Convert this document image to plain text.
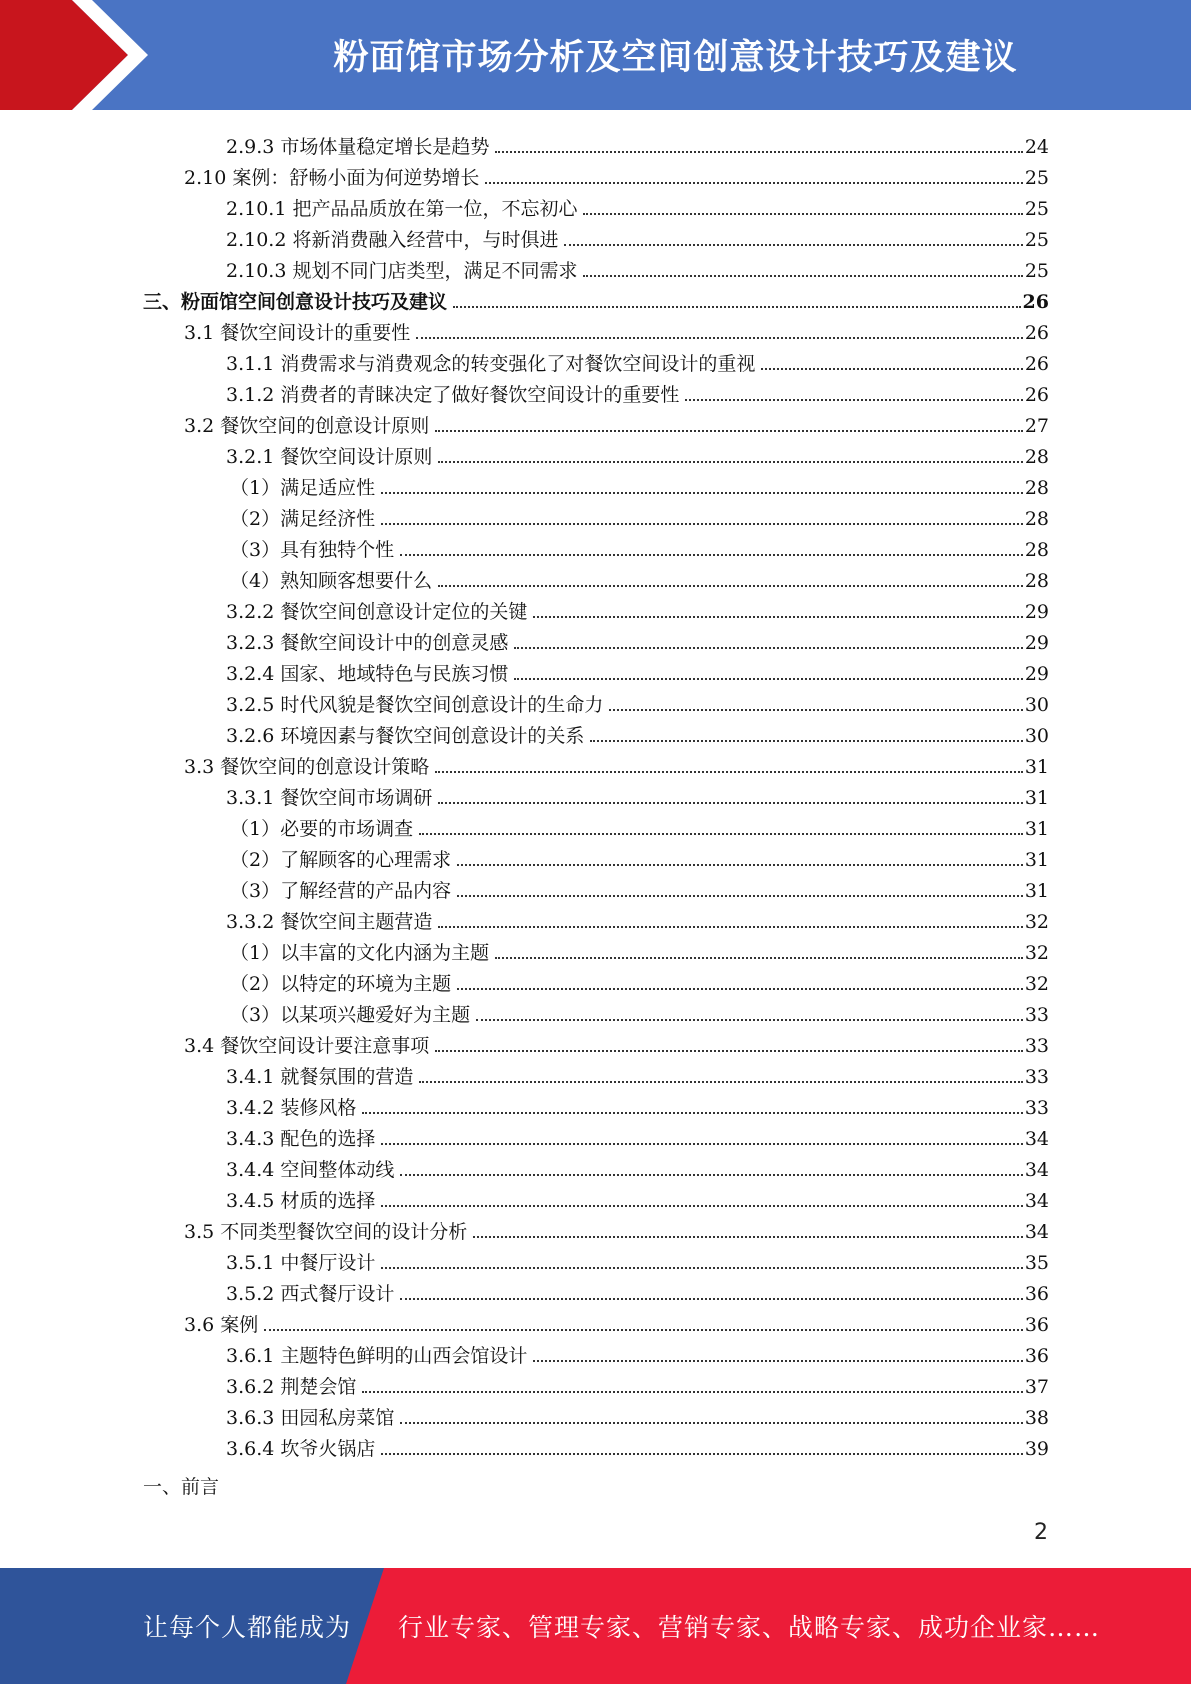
粉面馆市场分析及空间创意设计技巧及建议
2.9.3 市场体量稳定增长是趋势	24
2.10 案例：舒畅小面为何逆势增长	25
2.10.1 把产品品质放在第一位，不忘初心	25
2.10.2 将新消费融入经营中，与时俱进	25
2.10.3 规划不同门店类型，满足不同需求	25
三、粉面馆空间创意设计技巧及建议	26
3.1 餐饮空间设计的重要性	26
3.1.1 消费需求与消费观念的转变强化了对餐饮空间设计的重视	26
3.1.2 消费者的青睐决定了做好餐饮空间设计的重要性	26
3.2 餐饮空间的创意设计原则	27
3.2.1 餐饮空间设计原则	28
（1）满足适应性	28
（2）满足经济性	28
（3）具有独特个性	28
（4）熟知顾客想要什么	28
3.2.2 餐饮空间创意设计定位的关键	29
3.2.3 餐飲空间设计中的创意灵感	29
3.2.4 国家、地域特色与民族习惯	29
3.2.5 时代风貌是餐饮空间创意设计的生命力	30
3.2.6 环境因素与餐饮空间创意设计的关系	30
3.3 餐饮空间的创意设计策略	31
3.3.1 餐饮空间市场调研	31
（1）必要的市场调查	31
（2）了解顾客的心理需求	31
（3）了解经营的产品内容	31
3.3.2 餐饮空间主题营造	32
（1）以丰富的文化内涵为主题	32
（2）以特定的环境为主题	32
（3）以某项兴趣爱好为主题	33
3.4 餐饮空间设计要注意事项	33
3.4.1 就餐氛围的营造	33
3.4.2 装修风格	33
3.4.3 配色的选择	34
3.4.4 空间整体动线	34
3.4.5 材质的选择	34
3.5 不同类型餐饮空间的设计分析	34
3.5.1 中餐厅设计	35
3.5.2 西式餐厅设计	36
3.6 案例	36
3.6.1 主题特色鲜明的山西会馆设计	36
3.6.2 荆楚会馆	37
3.6.3 田园私房菜馆	38
3.6.4 坎爷火锅店	39
一、前言
2
让每个人都能成为 行业专家、管理专家、营销专家、战略专家、成功企业家……
